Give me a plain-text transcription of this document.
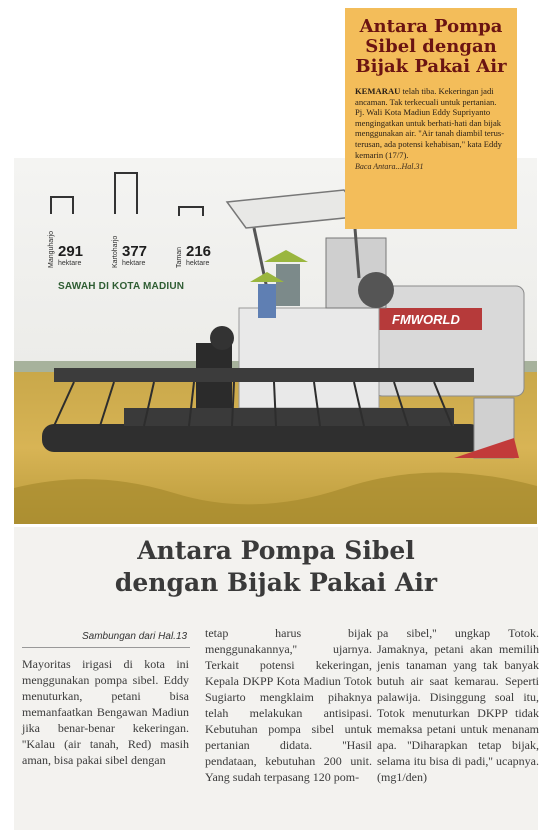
FMWORLD
Manguharjo 291
hektare	Kartoharjo 377
hektare	Taman 216
hektare
SAWAH DI KOTA MADIUN
Antara Pompa Sibel dengan Bijak Pakai Air

KEMARAU telah tiba. Kekeringan jadi ancaman. Tak terkecuali untuk pertanian. Pj. Wali Kota Madiun Eddy Supriyanto mengingatkan untuk berhati-hati dan bijak menggunakan air. "Air tanah diambil terus-terusan, ada potensi kehabisan," kata Eddy kemarin (17/7).

Baca Antara...Hal.31
Antara Pompa Sibel
dengan Bijak Pakai Air
Sambungan dari Hal.13

Mayoritas irigasi di kota ini menggunakan pompa sibel. Eddy menuturkan, petani bisa memanfaatkan Bengawan Madiun jika benar-benar kekeringan. ''Kalau (air tanah, Red) masih aman, bisa pakai sibel dengan

tetap harus bijak menggunakannya,'' ujarnya. Terkait potensi kekeringan, Kepala DKPP Kota Madiun Totok Sugiarto mengklaim pihaknya telah melakukan antisipasi. Kebutuhan pompa sibel untuk pertanian didata. ''Hasil pendataan, kebutuhan 200 unit. Yang sudah terpasang 120 pom-

pa sibel,'' ungkap Totok. Jamaknya, petani akan memilih jenis tanaman yang tak banyak butuh air saat kemarau. Seperti palawija. Disinggung soal itu, Totok menuturkan DKPP tidak memaksa petani untuk menanam apa. ''Diharapkan tetap bijak, selama itu bisa di padi,'' ucapnya. (mg1/den)
